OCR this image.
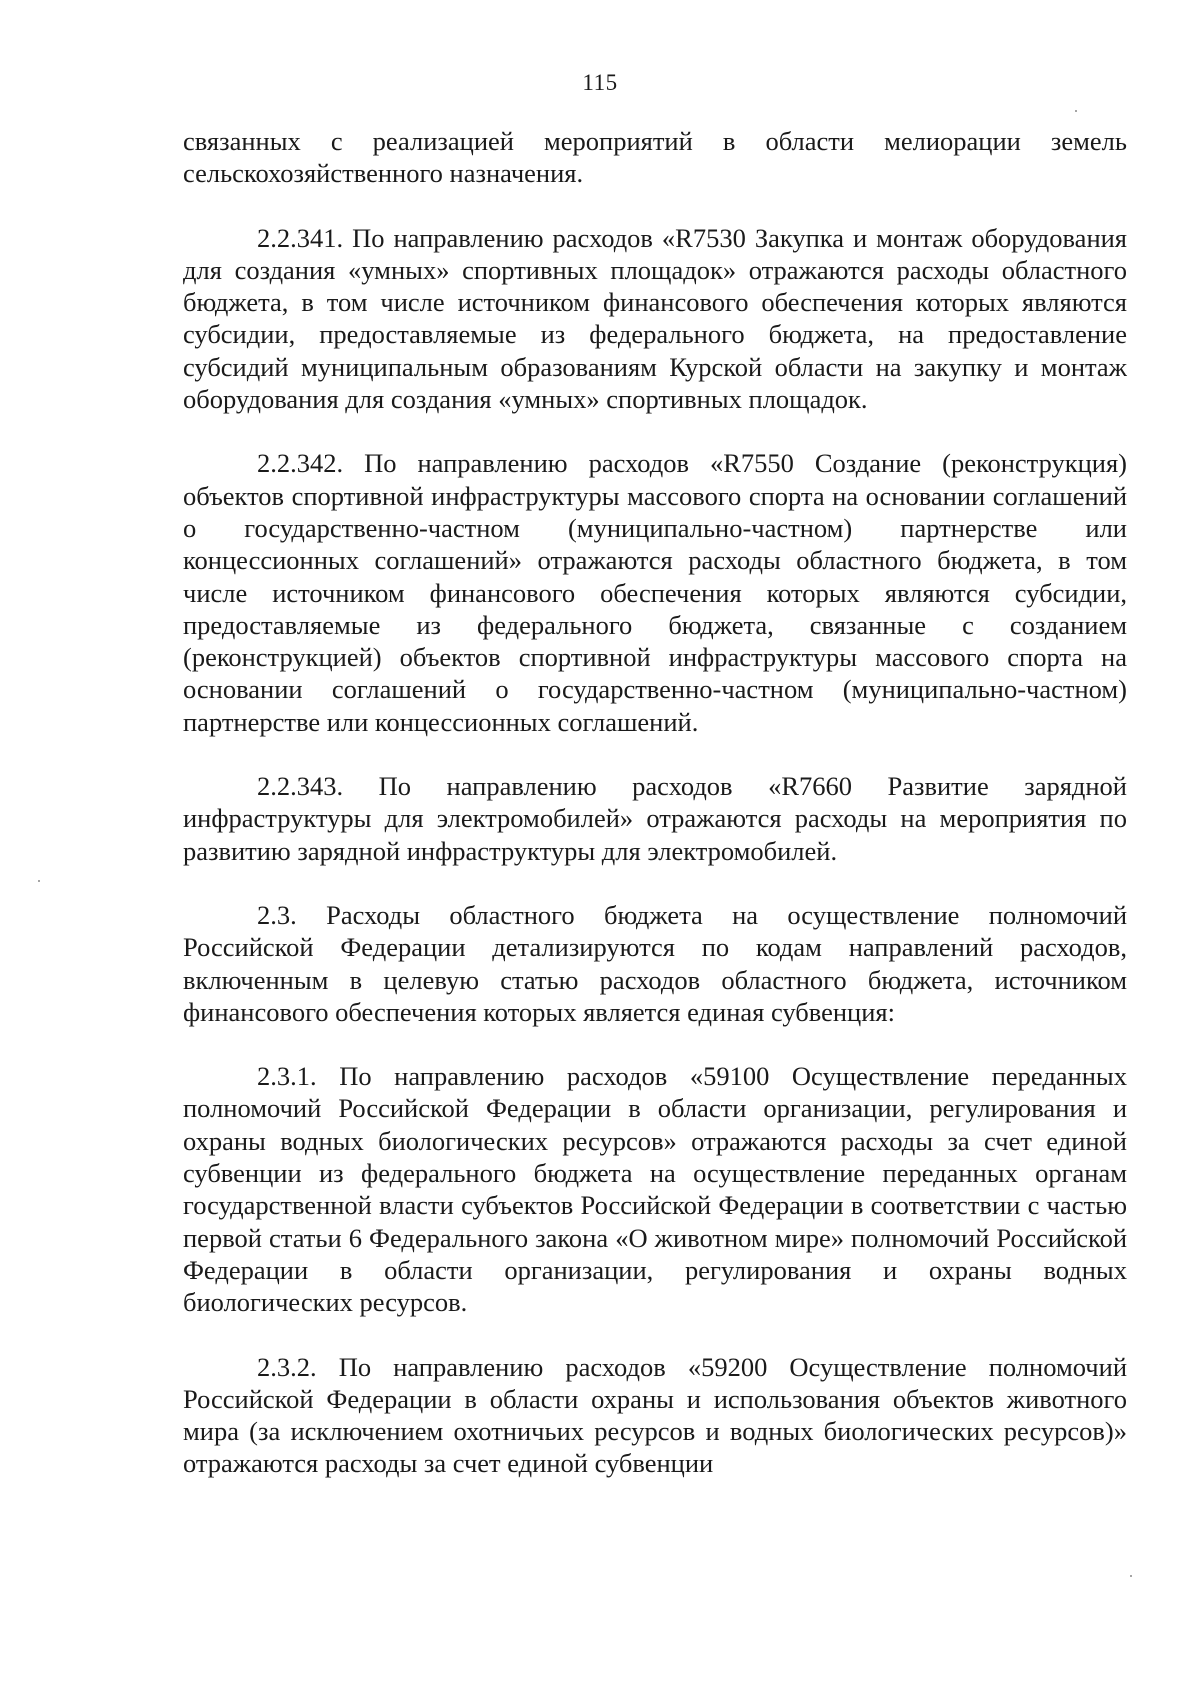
115

связанных с реализацией мероприятий в области мелиорации земель сельскохозяйственного назначения.

2.2.341. По направлению расходов «R7530 Закупка и монтаж оборудования для создания «умных» спортивных площадок» отражаются расходы областного бюджета, в том числе источником финансового обеспечения которых являются субсидии, предоставляемые из федерального бюджета, на предоставление субсидий муниципальным образованиям Курской области на закупку и монтаж оборудования для создания «умных» спортивных площадок.

2.2.342. По направлению расходов «R7550 Создание (реконструкция) объектов спортивной инфраструктуры массового спорта на основании соглашений о государственно-частном (муниципально-частном) партнерстве или концессионных соглашений» отражаются расходы областного бюджета, в том числе источником финансового обеспечения которых являются субсидии, предоставляемые из федерального бюджета, связанные с созданием (реконструкцией) объектов спортивной инфраструктуры массового спорта на основании соглашений о государственно-частном (муниципально-частном) партнерстве или концессионных соглашений.

2.2.343. По направлению расходов «R7660 Развитие зарядной инфраструктуры для электромобилей» отражаются расходы на мероприятия по развитию зарядной инфраструктуры для электромобилей.

2.3. Расходы областного бюджета на осуществление полномочий Российской Федерации детализируются по кодам направлений расходов, включенным в целевую статью расходов областного бюджета, источником финансового обеспечения которых является единая субвенция:

2.3.1. По направлению расходов «59100 Осуществление переданных полномочий Российской Федерации в области организации, регулирования и охраны водных биологических ресурсов» отражаются расходы за счет единой субвенции из федерального бюджета на осуществление переданных органам государственной власти субъектов Российской Федерации в соответствии с частью первой статьи 6 Федерального закона «О животном мире» полномочий Российской Федерации в области организации, регулирования и охраны водных биологических ресурсов.

2.3.2. По направлению расходов «59200 Осуществление полномочий Российской Федерации в области охраны и использования объектов животного мира (за исключением охотничьих ресурсов и водных биологических ресурсов)» отражаются расходы за счет единой субвенции
